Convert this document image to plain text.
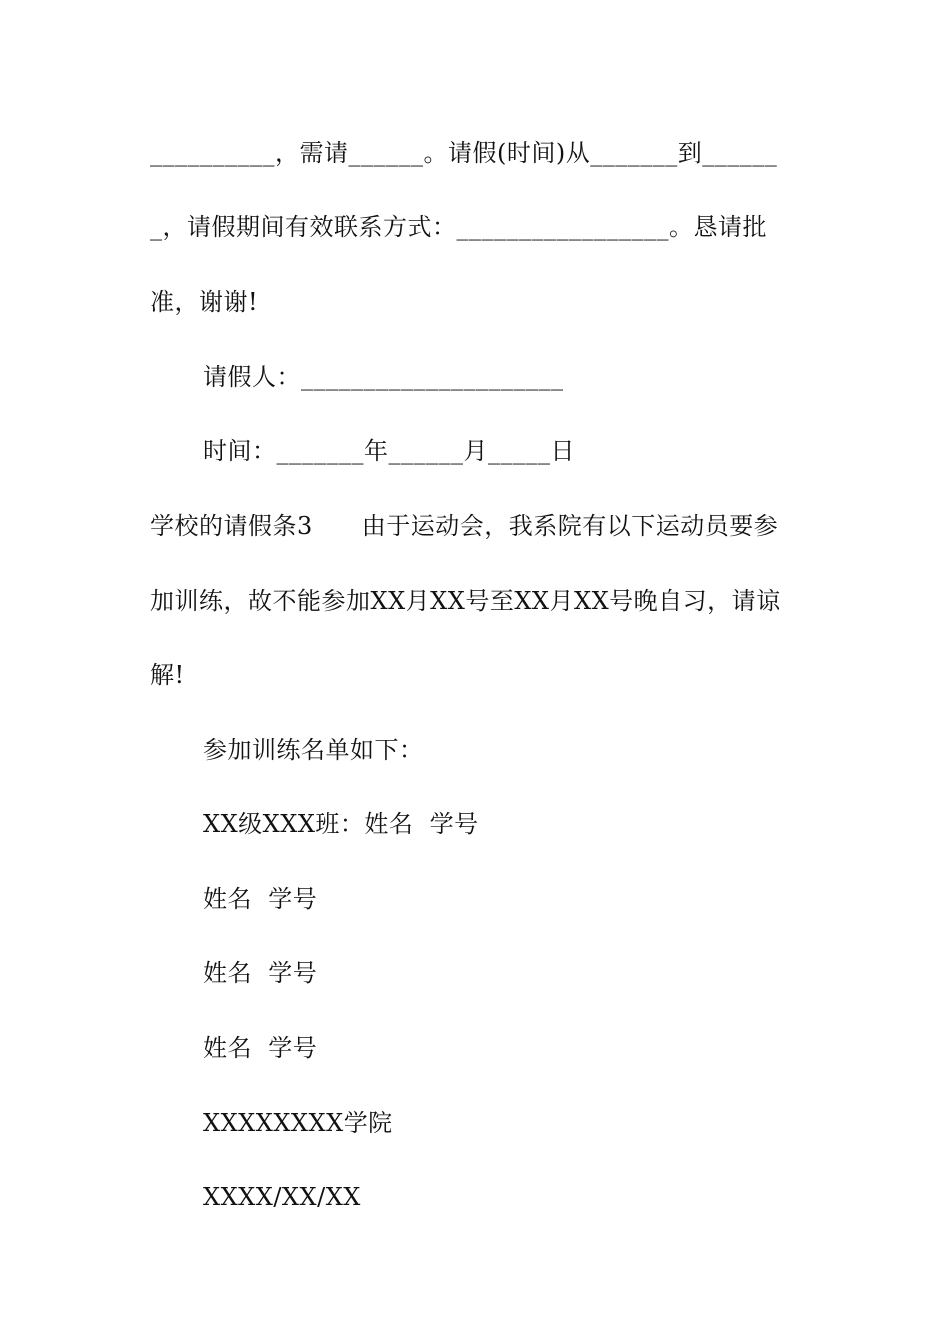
__________，需请______。请假(时间)从_______到______
_，请假期间有效联系方式：_________________。恳请批
准，谢谢!
请假人：_____________________
时间：_______年______月_____日
学校的请假条3　　由于运动会，我系院有以下运动员要参
加训练，故不能参加XX月XX号至XX月XX号晚自习，请谅
解!
参加训练名单如下：
XX级XXX班：姓名  学号
姓名  学号
姓名  学号
姓名  学号
XXXXXXXX学院
XXXX/XX/XX
